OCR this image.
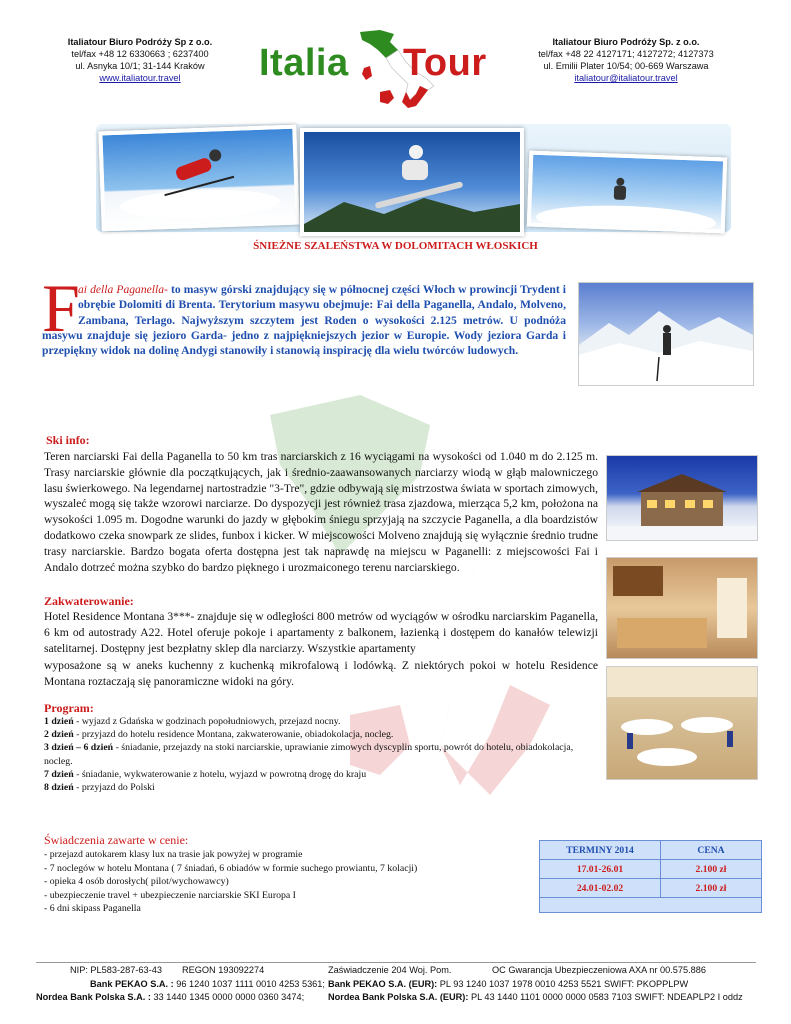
Italiatour Biuro Podróży Sp z o.o.
tel/fax +48 12 6330663 ; 6237400
ul. Asnyka 10/1; 31-144 Kraków
www.italiatour.travel
Italiatour Biuro Podróży Sp. z o.o.
tel/fax +48 22 4127171; 4127272; 4127373
ul. Emilii Plater 10/54; 00-669 Warszawa
italiatour@italiatour.travel
Italia Tour
ŚNIEŻNE SZALEŃSTWA W DOLOMITACH WŁOSKICH
F
ai della Paganella- to masyw górski znajdujący się w północnej części Włoch w prowincji Trydent i obrębie Dolomiti di Brenta. Terytorium masywu obejmuje: Fai della Paganella, Andalo, Molveno, Zambana, Terlago. Najwyższym szczytem jest Roden o wysokości 2.125 metrów. U podnóża masywu znajduje się jezioro Garda- jedno z najpiękniejszych jezior w Europie. Wody jeziora Garda i przepiękny widok na dolinę Andygi stanowiły i stanowią inspirację dla wielu twórców ludowych.
Ski info:
Teren narciarski Fai della Paganella to 50 km tras narciarskich z 16 wyciągami na wysokości od 1.040 m do 2.125 m. Trasy narciarskie głównie dla początkujących, jak i średnio-zaawansowanych narciarzy wiodą w głąb malowniczego lasu świerkowego. Na legendarnej nartostradzie "3-Tre", gdzie odbywają się mistrzostwa świata w sportach zimowych, wyszaleć mogą się także wzorowi narciarze. Do dyspozycji jest również trasa zjazdowa, mierząca 5,2 km, położona na wysokości 1.095 m. Dogodne warunki do jazdy w głębokim śniegu sprzyjają na szczycie Paganella, a dla boardzistów dodatkowo czeka snowpark ze slides, funbox i kicker. W miejscowości Molveno znajdują się wyłącznie średnio trudne trasy narciarskie. Bardzo bogata oferta dostępna jest tak naprawdę na miejscu w Paganelli: z miejscowości Fai i Andalo dotrzeć można szybko do bardzo pięknego i urozmaiconego terenu narciarskiego.
Zakwaterowanie:
Hotel Residence Montana 3***- znajduje się w odległości 800 metrów od wyciągów w ośrodku narciarskim Paganella, 6 km od autostrady A22. Hotel oferuje pokoje i apartamenty z balkonem, łazienką i dostępem do kanałów telewizji satelitarnej. Dostępny jest bezpłatny sklep dla narciarzy. Wszystkie apartamenty
wyposażone są w aneks kuchenny z kuchenką mikrofalową i lodówką. Z niektórych pokoi w hotelu Residence Montana roztaczają się panoramiczne widoki na góry.
Program:
1 dzień - wyjazd z Gdańska w godzinach popołudniowych, przejazd nocny.
2 dzień - przyjazd do hotelu residence Montana, zakwaterowanie, obiadokolacja, nocleg.
3 dzień – 6 dzień - śniadanie, przejazdy na stoki narciarskie, uprawianie zimowych dyscyplin sportu, powrót do hotelu, obiadokolacja, nocleg.
7 dzień - śniadanie, wykwaterowanie z hotelu, wyjazd w powrotną drogę do kraju
8 dzień - przyjazd do Polski
Świadczenia zawarte w cenie:
- przejazd autokarem klasy lux na trasie jak powyżej w programie
- 7 noclegów w hotelu Montana ( 7 śniadań, 6 obiadów w formie suchego prowiantu, 7 kolacji)
- opieka 4 osób dorosłych( pilot/wychowawcy)
- ubezpieczenie travel + ubezpieczenie narciarskie SKI Europa I
- 6 dni skipass Paganella
TERMINY 2014	CENA
17.01-26.01	2.100 zł
24.01-02.02	2.100 zł

NIP: PL583-287-63-43 REGON 193092274	Zaświadczenie 204 Woj. Pom.	OC Gwarancja Ubezpieczeniowa AXA nr 00.575.886
Bank PEKAO S.A. : 96 1240 1037 1111 0010 4253 5361; Bank PEKAO S.A. (EUR): PL 93 1240 1037 1978 0010 4253 5521 SWIFT: PKOPPLPW
Nordea Bank Polska S.A. : 33 1440 1345 0000 0000 0360 3474;	Nordea Bank Polska S.A. (EUR): PL 43 1440 1101 0000 0000 0583 7103 SWIFT: NDEAPLP2 I oddz
